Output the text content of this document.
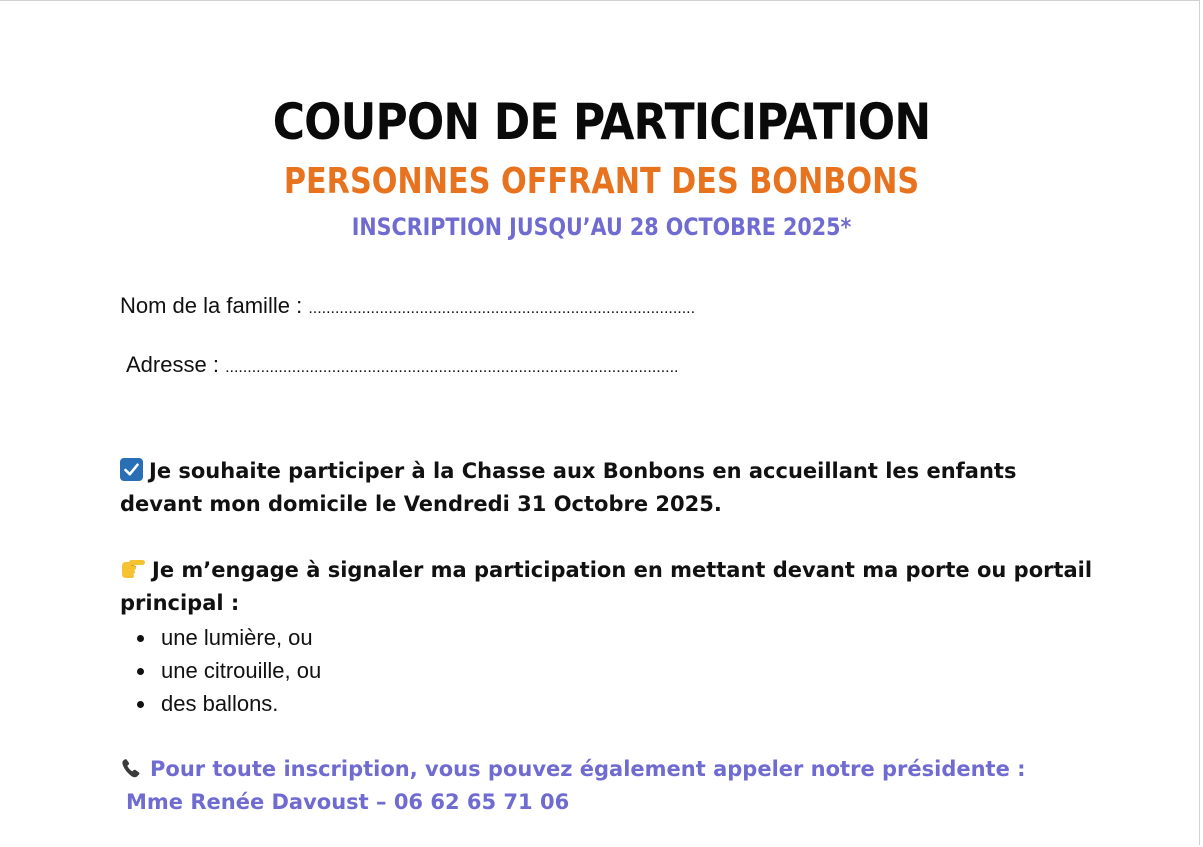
COUPON DE PARTICIPATION
PERSONNES OFFRANT DES BONBONS
INSCRIPTION JUSQU’AU 28 OCTOBRE 2025*
Nom de la famille : .......................................................................................
Adresse : ......................................................................................................
Je souhaite participer à la Chasse aux Bonbons en accueillant les enfants devant mon domicile le Vendredi 31 Octobre 2025.
Je m’engage à signaler ma participation en mettant devant ma porte ou portail principal :
une lumière, ou
une citrouille, ou
des ballons.
Pour toute inscription, vous pouvez également appeler notre présidente :
Mme Renée Davoust – 06 62 65 71 06
